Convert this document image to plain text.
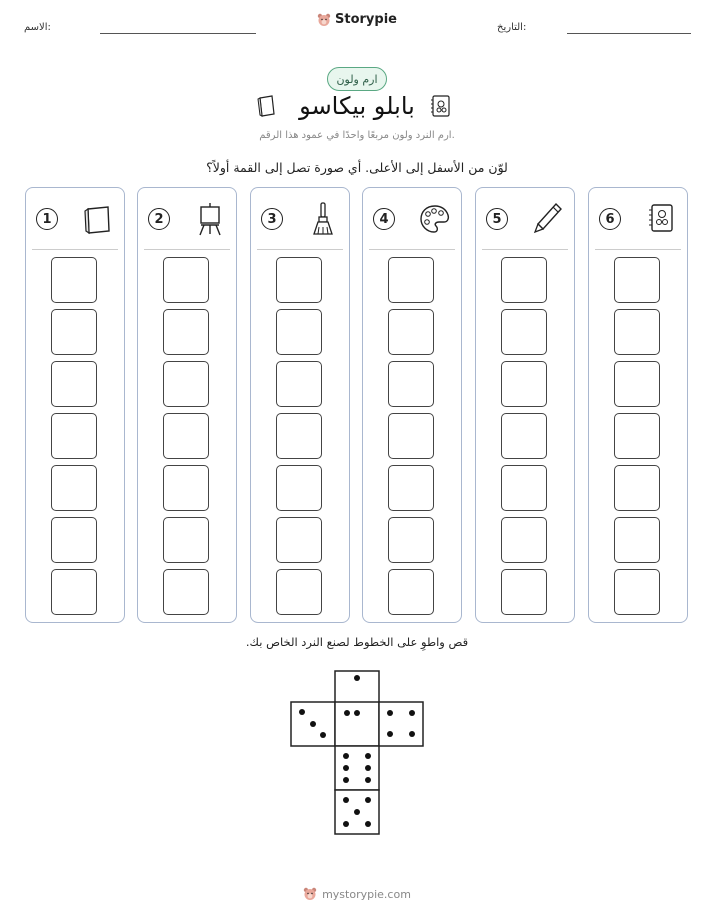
الاسم:
Storypie
التاريخ:
ارم ولون
بابلو بيكاسو
ارم النرد ولون مربعًا واحدًا في عمود هذا الرقم.
لوّن من الأسفل إلى الأعلى. أي صورة تصل إلى القمة أولاً؟
1	2	3	4	5	6
قص واطوِ على الخطوط لصنع النرد الخاص بك.
mystorypie.com
